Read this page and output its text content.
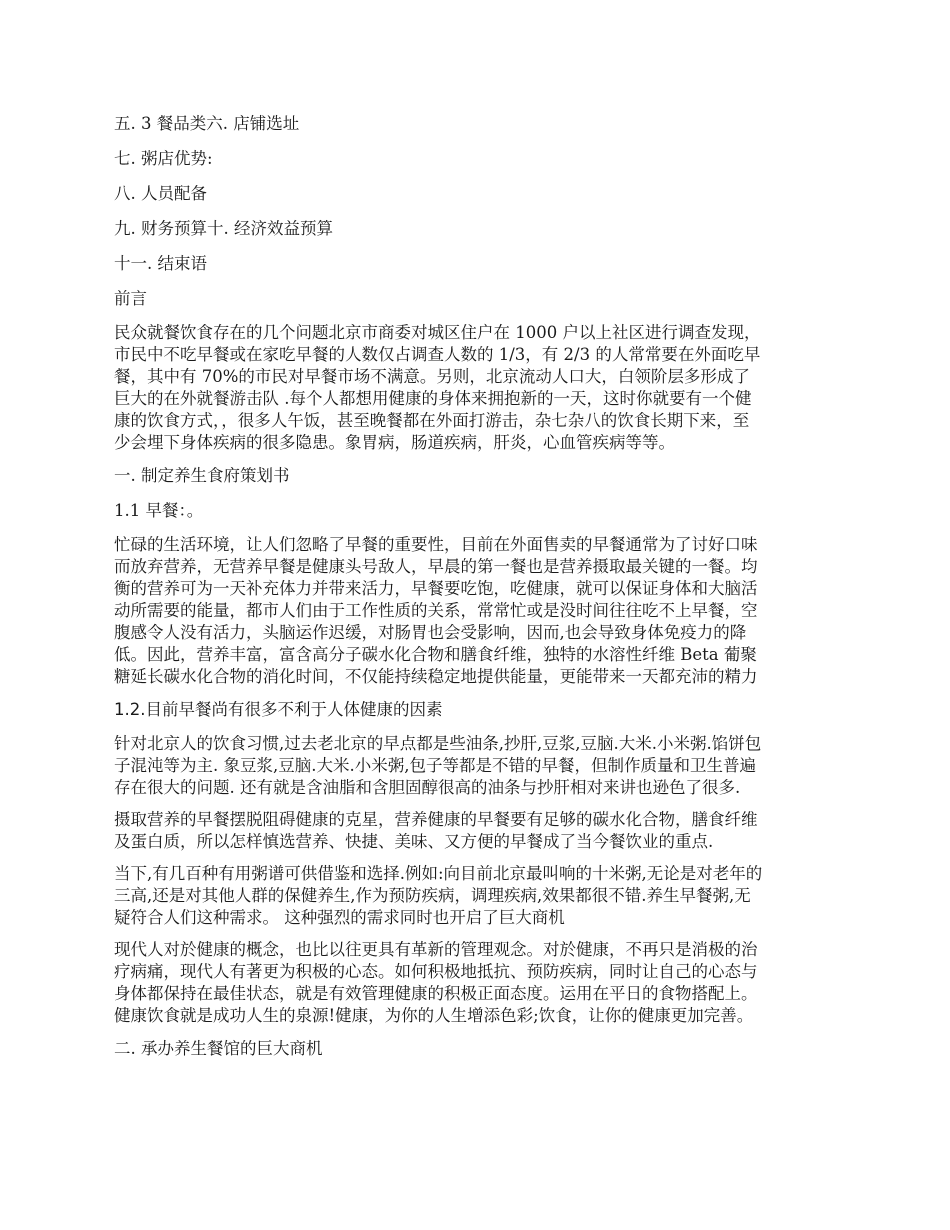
五. 3 餐品类六. 店铺选址
七. 粥店优势:
八. 人员配备
九. 财务预算十. 经济效益预算
十一. 结束语
前言
民众就餐饮食存在的几个问题北京市商委对城区住户在 1000 户以上社区进行调查发现，
市民中不吃早餐或在家吃早餐的人数仅占调查人数的 1/3，有 2/3 的人常常要在外面吃早
餐，其中有 70%的市民对早餐市场不满意。另则，北京流动人口大，白领阶层多形成了
巨大的在外就餐游击队 .每个人都想用健康的身体来拥抱新的一天，这时你就要有一个健
康的饮食方式，，很多人午饭，甚至晚餐都在外面打游击，杂七杂八的饮食长期下来，至
少会埋下身体疾病的很多隐患。象胃病，肠道疾病，肝炎，心血管疾病等等。
一. 制定养生食府策划书
1.1 早餐：。
忙碌的生活环境，让人们忽略了早餐的重要性，目前在外面售卖的早餐通常为了讨好口味
而放弃营养，无营养早餐是健康头号敌人，早晨的第一餐也是营养摄取最关键的一餐。均
衡的营养可为一天补充体力并带来活力，早餐要吃饱，吃健康，就可以保证身体和大脑活
动所需要的能量，都市人们由于工作性质的关系，常常忙或是没时间往往吃不上早餐，空
腹感令人没有活力，头脑运作迟缓，对肠胃也会受影响，因而,也会导致身体免疫力的降
低。因此，营养丰富，富含高分子碳水化合物和膳食纤维，独特的水溶性纤维 Beta 葡聚
糖延长碳水化合物的消化时间，不仅能持续稳定地提供能量，更能带来一天都充沛的精力
1.2.目前早餐尚有很多不利于人体健康的因素
针对北京人的饮食习惯,过去老北京的早点都是些油条,抄肝,豆浆,豆脑.大米.小米粥.馅饼包
子混沌等为主. 象豆浆,豆脑.大米.小米粥,包子等都是不错的早餐，但制作质量和卫生普遍
存在很大的问题. 还有就是含油脂和含胆固醇很高的油条与抄肝相对来讲也逊色了很多.
摄取营养的早餐摆脱阻碍健康的克星，营养健康的早餐要有足够的碳水化合物，膳食纤维
及蛋白质，所以怎样慎选营养、快捷、美味、又方便的早餐成了当今餐饮业的重点.
当下,有几百种有用粥谱可供借鉴和选择.例如:向目前北京最叫响的十米粥,无论是对老年的
三高,还是对其他人群的保健养生,作为预防疾病，调理疾病,效果都很不错.养生早餐粥,无
疑符合人们这种需求。 这种强烈的需求同时也开启了巨大商机
现代人对於健康的概念，也比以往更具有革新的管理观念。对於健康，不再只是消极的治
疗病痛，现代人有著更为积极的心态。如何积极地抵抗、预防疾病，同时让自己的心态与
身体都保持在最佳状态，就是有效管理健康的积极正面态度。运用在平日的食物搭配上。
健康饮食就是成功人生的泉源!健康，为你的人生增添色彩;饮食，让你的健康更加完善。
二. 承办养生餐馆的巨大商机
